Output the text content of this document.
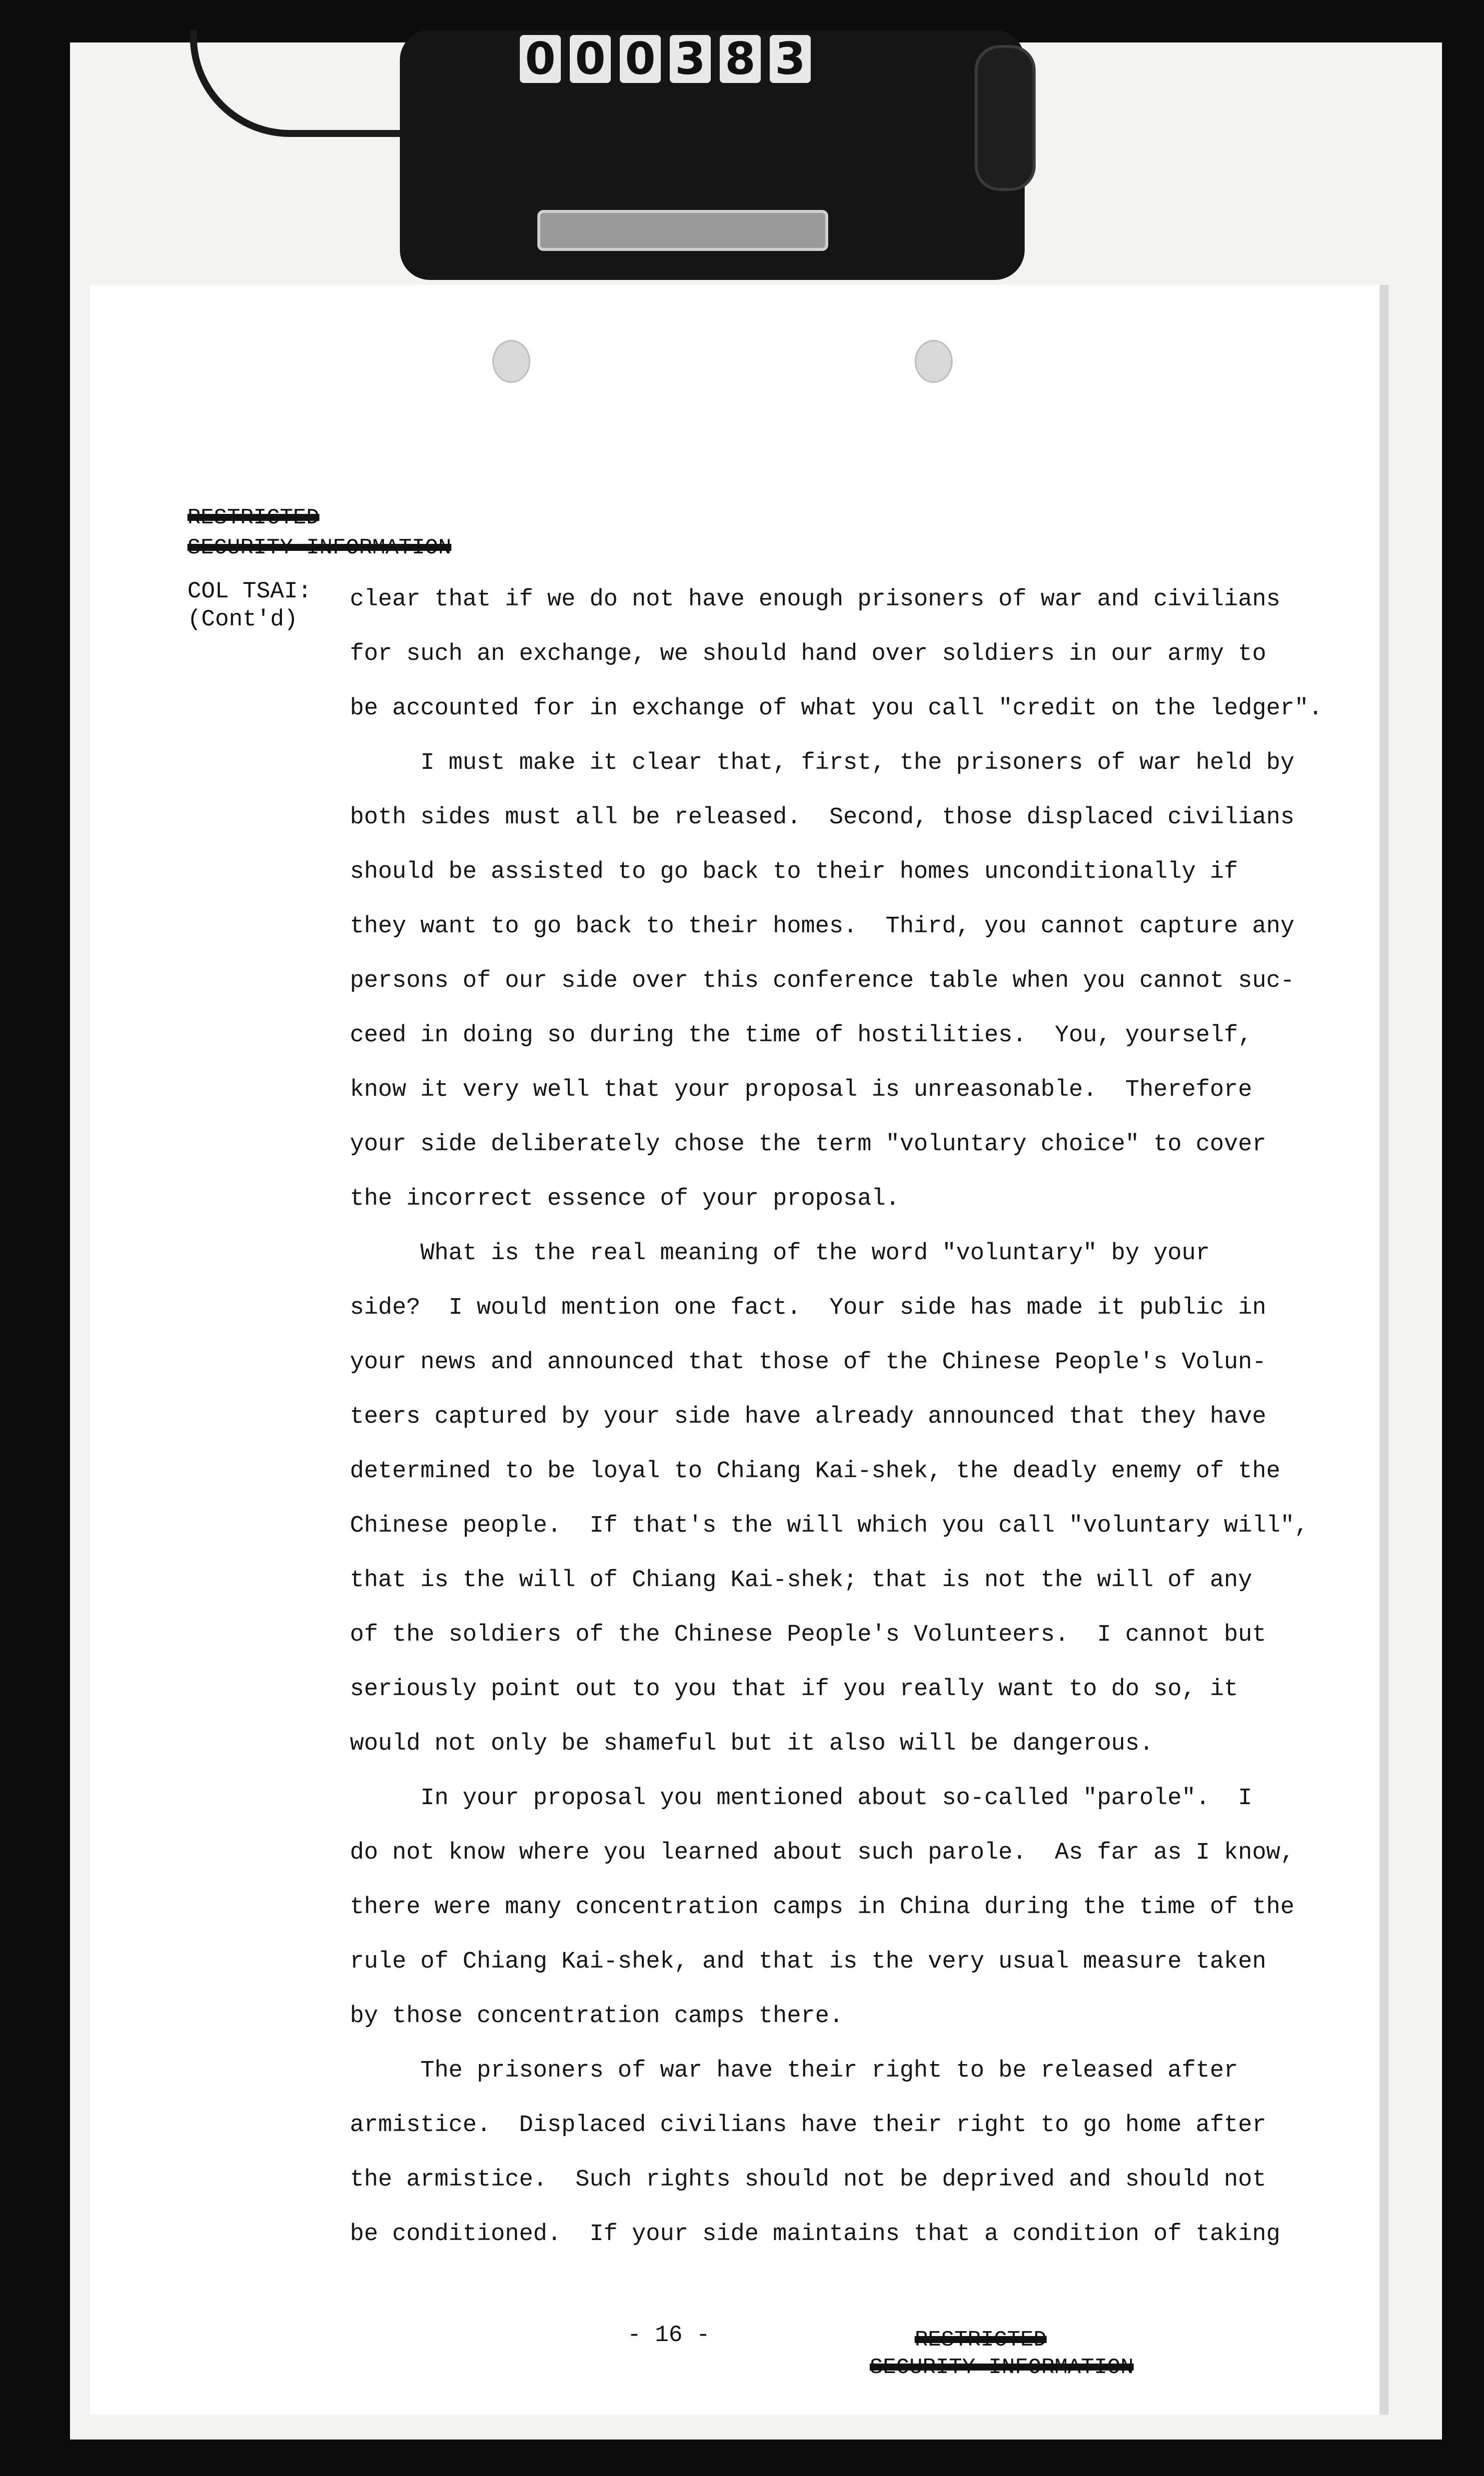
0 0 0 3 8 3
RESTRICTED
SECURITY INFORMATION
COL TSAI:
(Cont'd)
clear that if we do not have enough prisoners of war and civilians
for such an exchange, we should hand over soldiers in our army to
be accounted for in exchange of what you call "credit on the ledger".
I must make it clear that, first, the prisoners of war held by
both sides must all be released.  Second, those displaced civilians
should be assisted to go back to their homes unconditionally if
they want to go back to their homes.  Third, you cannot capture any
persons of our side over this conference table when you cannot suc-
ceed in doing so during the time of hostilities.  You, yourself,
know it very well that your proposal is unreasonable.  Therefore
your side deliberately chose the term "voluntary choice" to cover
the incorrect essence of your proposal.
What is the real meaning of the word "voluntary" by your
side?  I would mention one fact.  Your side has made it public in
your news and announced that those of the Chinese People's Volun-
teers captured by your side have already announced that they have
determined to be loyal to Chiang Kai-shek, the deadly enemy of the
Chinese people.  If that's the will which you call "voluntary will",
that is the will of Chiang Kai-shek; that is not the will of any
of the soldiers of the Chinese People's Volunteers.  I cannot but
seriously point out to you that if you really want to do so, it
would not only be shameful but it also will be dangerous.
In your proposal you mentioned about so-called "parole".  I
do not know where you learned about such parole.  As far as I know,
there were many concentration camps in China during the time of the
rule of Chiang Kai-shek, and that is the very usual measure taken
by those concentration camps there.
The prisoners of war have their right to be released after
armistice.  Displaced civilians have their right to go home after
the armistice.  Such rights should not be deprived and should not
be conditioned.  If your side maintains that a condition of taking
- 16 -	RESTRICTED
SECURITY INFORMATION
